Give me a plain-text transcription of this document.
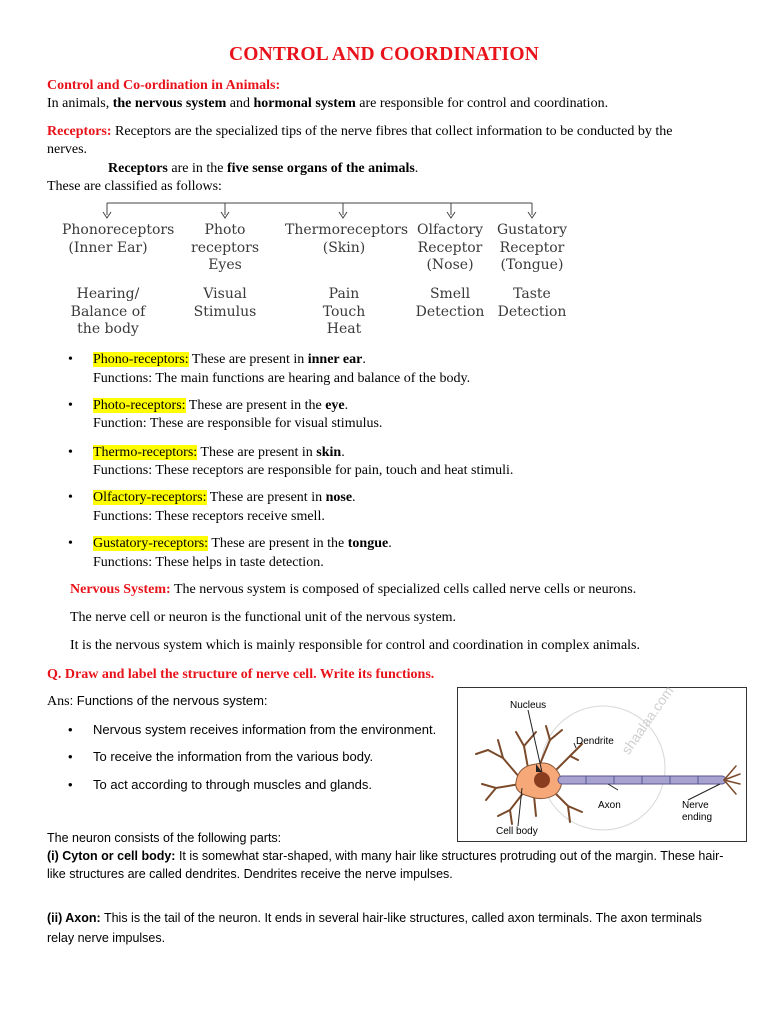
CONTROL AND COORDINATION
Control and Co-ordination in Animals:
In animals, the nervous system and hormonal system are responsible for control and coordination.
Receptors: Receptors are the specialized tips of the nerve fibres that collect information to be conducted by the
nerves.
Receptors are in the five sense organs of the animals.
These are classified as follows:
Phonoreceptors
(Inner Ear)
Photo receptors
Eyes
Thermoreceptors
(Skin)
Olfactory
Receptor
(Nose)
Gustatory
Receptor
(Tongue)
Hearing/
Balance of
the body
Visual
Stimulus
Pain
Touch
Heat
Smell
Detection
Taste
Detection
• Phono-receptors: These are present in inner ear.
Functions: The main functions are hearing and balance of the body.
• Photo-receptors: These are present in the eye.
Function: These are responsible for visual stimulus.
• Thermo-receptors: These are present in skin.
Functions: These receptors are responsible for pain, touch and heat stimuli.
• Olfactory-receptors: These are present in nose.
Functions: These receptors receive smell.
• Gustatory-receptors: These are present in the tongue.
Functions: These helps in taste detection.
Nervous System: The nervous system is composed of specialized cells called nerve cells or neurons.
The nerve cell or neuron is the functional unit of the nervous system.
It is the nervous system which is mainly responsible for control and coordination in complex animals.
Q. Draw and label the structure of nerve cell. Write its functions.
Ans: Functions of the nervous system:
• Nervous system receives information from the environment.
• To receive the information from the various body.
• To act according to through muscles and glands.
Nucleus
Dendrite
Axon	Nerve
ending
Cell body
shaalaa.com
The neuron consists of the following parts:
(i) Cyton or cell body: It is somewhat star-shaped, with many hair like structures protruding out of the margin. These hair-
like structures are called dendrites. Dendrites receive the nerve impulses.
(ii) Axon: This is the tail of the neuron. It ends in several hair-like structures, called axon terminals. The axon terminals
relay nerve impulses.
